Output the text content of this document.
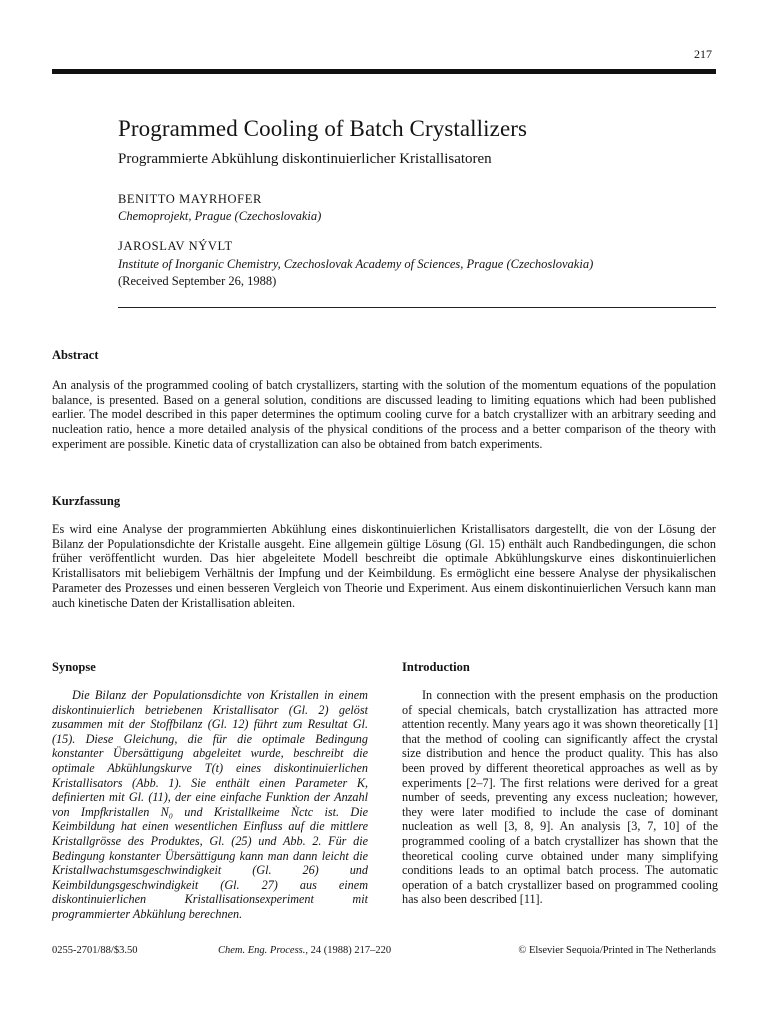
217
Programmed Cooling of Batch Crystallizers
Programmierte Abkühlung diskontinuierlicher Kristallisatoren
BENITTO MAYRHOFER
Chemoprojekt, Prague (Czechoslovakia)
JAROSLAV NÝVLT
Institute of Inorganic Chemistry, Czechoslovak Academy of Sciences, Prague (Czechoslovakia)
(Received September 26, 1988)
Abstract
An analysis of the programmed cooling of batch crystallizers, starting with the solution of the momentum equations of the population balance, is presented. Based on a general solution, conditions are discussed leading to limiting equations which had been published earlier. The model described in this paper determines the optimum cooling curve for a batch crystallizer with an arbitrary seeding and nucleation ratio, hence a more detailed analysis of the physical conditions of the process and a better comparison of the theory with experiment are possible. Kinetic data of crystallization can also be obtained from batch experiments.
Kurzfassung
Es wird eine Analyse der programmierten Abkühlung eines diskontinuierlichen Kristallisators dargestellt, die von der Lösung der Bilanz der Populationsdichte der Kristalle ausgeht. Eine allgemein gültige Lösung (Gl. 15) enthält auch Randbedingungen, die schon früher veröffentlicht wurden. Das hier abgeleitete Modell beschreibt die optimale Abkühlungskurve eines diskontinuierlichen Kristallisators mit beliebigem Verhältnis der Impfung und der Keimbildung. Es ermöglicht eine bessere Analyse der physikalischen Parameter des Prozesses und einen besseren Vergleich von Theorie und Experiment. Aus einem diskontinuierlichen Versuch kann man auch kinetische Daten der Kristallisation ableiten.
Synopse
Die Bilanz der Populationsdichte von Kristallen in einem diskontinuierlich betriebenen Kristallisator (Gl. 2) gelöst zusammen mit der Stoffbilanz (Gl. 12) führt zum Resultat Gl. (15). Diese Gleichung, die für die optimale Bedingung konstanter Übersättigung abgeleitet wurde, beschreibt die optimale Abkühlungskurve T(t) eines diskontinuierlichen Kristallisators (Abb. 1). Sie enthält einen Parameter K, definierten mit Gl. (11), der eine einfache Funktion der Anzahl von Impfkristallen N₀ und Kristallkeime Ṅctc ist. Die Keimbildung hat einen wesentlichen Einfluss auf die mittlere Kristallgrösse des Produktes, Gl. (25) und Abb. 2. Für die Bedingung konstanter Übersättigung kann man dann leicht die Kristallwachstumsgeschwindigkeit (Gl. 26) und Keimbildungsgeschwindigkeit (Gl. 27) aus einem diskontinuierlichen Kristallisationsexperiment mit programmierter Abkühlung berechnen.
Introduction
In connection with the present emphasis on the production of special chemicals, batch crystallization has attracted more attention recently. Many years ago it was shown theoretically [1] that the method of cooling can significantly affect the crystal size distribution and hence the product quality. This has also been proved by different theoretical approaches as well as by experiments [2–7]. The first relations were derived for a great number of seeds, preventing any excess nucleation; however, they were later modified to include the case of dominant nucleation as well [3, 8, 9]. An analysis [3, 7, 10] of the programmed cooling of a batch crystallizer has shown that the theoretical cooling curve obtained under many simplifying conditions leads to an optimal batch process. The automatic operation of a batch crystallizer based on programmed cooling has also been described [11].
0255-2701/88/$3.50	Chem. Eng. Process., 24 (1988) 217–220	© Elsevier Sequoia/Printed in The Netherlands
